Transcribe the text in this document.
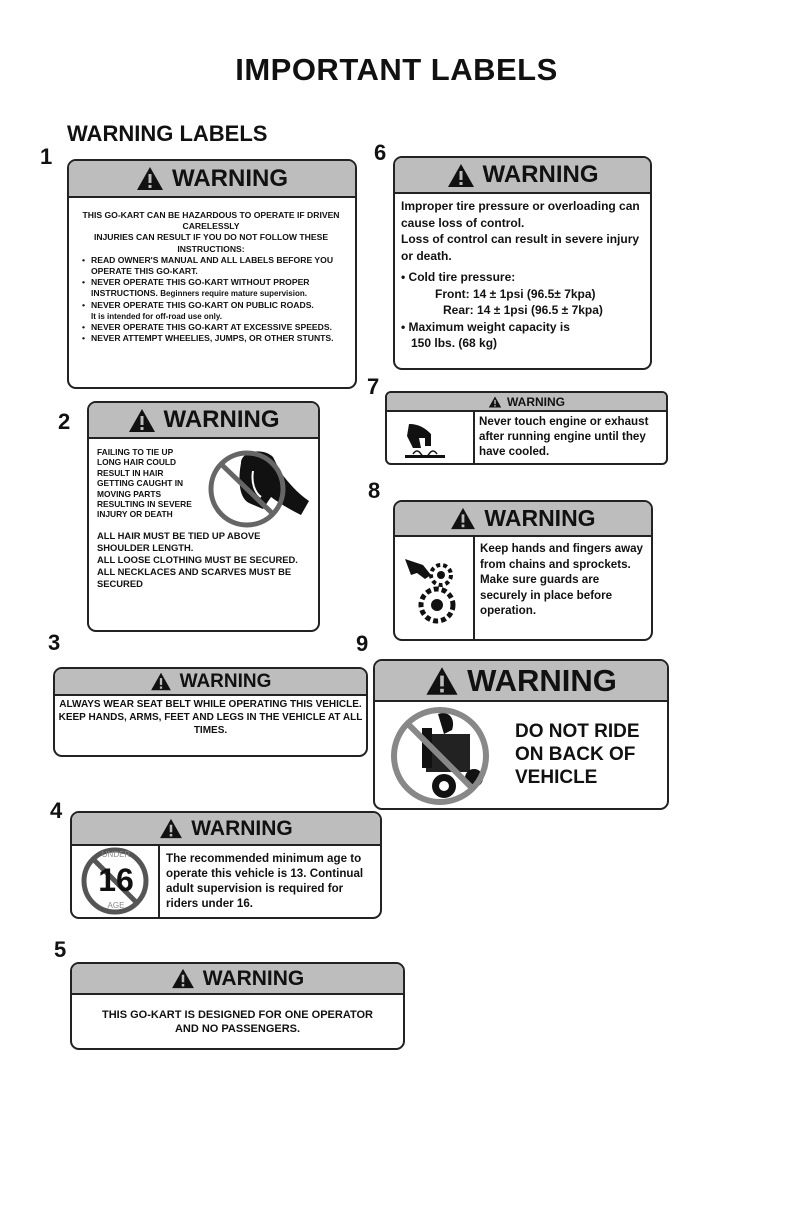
IMPORTANT LABELS
WARNING LABELS
1
WARNING
THIS GO-KART CAN BE HAZARDOUS TO OPERATE IF DRIVEN CARELESSLY
INJURIES CAN RESULT IF YOU DO NOT FOLLOW THESE INSTRUCTIONS:
• READ OWNER'S MANUAL AND ALL LABELS BEFORE YOU OPERATE THIS GO-KART.
• NEVER OPERATE THIS GO-KART WITHOUT PROPER INSTRUCTIONS. Beginners require mature supervision.
• NEVER OPERATE THIS GO-KART ON PUBLIC ROADS.
It is intended for off-road use only.
• NEVER OPERATE THIS GO-KART AT EXCESSIVE SPEEDS.
• NEVER ATTEMPT WHEELIES, JUMPS, OR OTHER STUNTS.
2	WARNING
FAILING TO TIE UP LONG HAIR COULD RESULT IN HAIR GETTING CAUGHT IN MOVING PARTS RESULTING IN SEVERE INJURY OR DEATH
ALL HAIR MUST BE TIED UP ABOVE SHOULDER LENGTH.
ALL LOOSE CLOTHING MUST BE SECURED.
ALL NECKLACES AND SCARVES MUST BE SECURED
3
WARNING
ALWAYS WEAR SEAT BELT WHILE OPERATING THIS VEHICLE.
KEEP HANDS, ARMS, FEET AND LEGS IN THE VEHICLE AT ALL TIMES.
4
WARNING
UNDER
16
AGE
The recommended minimum age to operate this vehicle is 13. Continual adult supervision is required for riders under 16.
5
WARNING
THIS GO-KART IS DESIGNED FOR ONE OPERATOR AND NO PASSENGERS.
6
WARNING
Improper tire pressure or overloading can cause loss of control.
Loss of control can result in severe injury or death.
• Cold tire pressure:
Front: 14 ± 1psi (96.5± 7kpa)
Rear: 14 ± 1psi (96.5 ± 7kpa)
• Maximum weight capacity is
150 lbs. (68 kg)
7
WARNING
Never touch engine or exhaust after running engine until they have cooled.
8
WARNING
Keep hands and fingers away from chains and sprockets.
Make sure guards are securely in place before operation.
9
WARNING
DO NOT RIDE ON BACK OF VEHICLE
